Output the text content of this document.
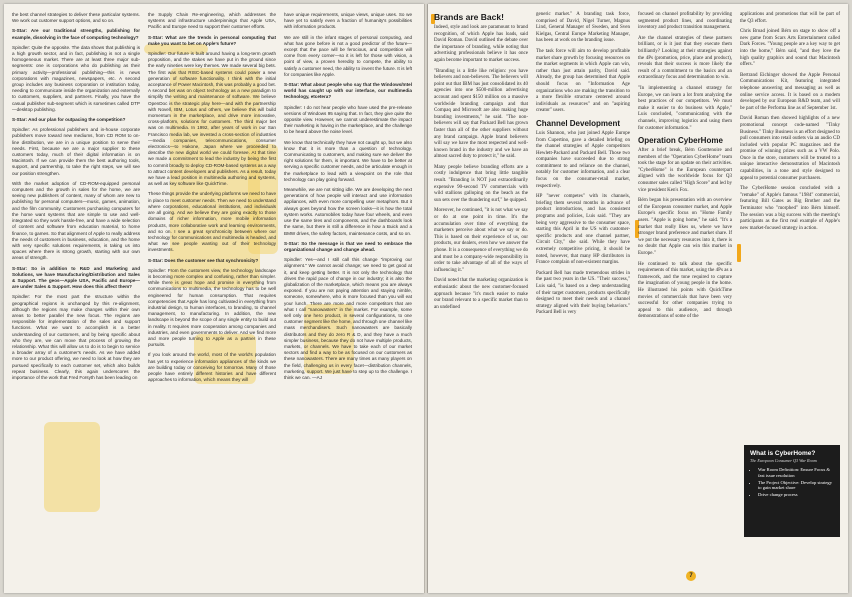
the best channel strategies to deliver these particular systems. We work out customer support options, and so on.

S-Star: Are our traditional strengths, publishing for example, dissolving in the face of computing technology?

Spindler: Quite the opposite. The data shows that publishing is a high growth sector, and in fact, publishing is not a single homogeneous market. There are at least three major sub-segments: one is corporations who do publishing as their primary activity—professional publishing—this is news corporations with magazines, newspapers, etc. A second group includes any business corporation or institution today, needing to communicate inside the organization and externally to customers, suppliers, and partners. Finally, you have the casual publisher sub-segment which is sometimes called DTP—desktop publishing.

S-Star: And our plan for outpacing the competition?

Spindler: As professional publishers and in-house corporate publishers move toward new mediums, from CD ROM to on-line distribution, we are in a unique position to serve their needs. First, because we are a major supplier to these customers today, much of their digital information is on Macintosh. If we can provide them the best authoring tools, support, and partnership, to take the right steps, we will see our position strengthen.

With the market adoption of CD-ROM-equipped personal computers and the growth in sales for the home, we are seeing new publishers of content, many of whom are new to publishing for personal computers—music, games, animation, and the film community. Customers purchasing computers for the home want systems that are simple to use and well-integrated so they work hassle-free, and have a wide selection of content and software from education material, to home finance, to games. So that alignment of Apple to really address the needs of customers in business, education, and the home with very specific solutions requirements, is taking us into spaces where there is strong growth, starting with our own areas of strength.

S-Star: So in addition to R&D and Marketing and Solutions, we have Manufacturing/Distribution and Sales & Support. The geos—Apple USA, Pacific and Europe—are under Sales & Support. How does this affect them?

Spindler: For the most part the structure within the geographical regions is unchanged by this re-alignment, although the regions may make changes within their own areas to better parallel the new focus. The regions are responsible for implementation of the sales and support functions. What we want to accomplish is a better understanding of our customers, and by being specific about who they are, we can move that process of growing the relationship. What this will allow us to do is to begin to service a broader array of a customer's needs. As we have added more to our product offering, we need to look at how they are pursued specifically to each customer set, which also builds repeat business. Clearly, this again underscores the importance of the work that Fred Forsyth has been leading on

the Supply Chain Re-engineering, which addresses the systems and infrastructure underpinnings that Apple USA, Pacific and Europe need to support their customer efforts.

S-Star: What are the trends in personal computing that make you want to bet on Apple's future?

Spindler: Our future is built around having a long-term growth proposition, and the stakes we have put in the ground since the early nineties were key themes. We made several big bets. The first was that RISC-based systems could power a new generation of software functionality. I think with the initial acceptance of Power Macintosh, this was probably a good bet. A second bet was on object technology as a new paradigm to simplify the writing and maintenance of software. We believe OpenDoc is the strategic play here—and with the partnership with Novell, IBM, Lotus and others, we believe this will build momentum in the marketplace, and drive more innovative, cross-platform, solutions for customers. The third major bet was on multimedia. In 1992, after years of work in our San Francisco media lab, we invested a cross-section of industries—media companies, telecommunications, consumer electronics—to Hakone, Japan where we proceeded to describe the new digital world we could foresee. At that time we made a commitment to lead the industry by being the first to commit broadly to deploy CD-ROM-based systems as a way to attract content developers and publishers. As a result, today we have a lead position in multimedia authoring and systems, as well as key software like QuickTime.

These things provide the underlying platforms we need to have in place to meet customer needs. Then we need to understand where corporations, educational institutions, and individuals are all going. And we believe they are going exactly to those domains of richer information, more mobile information products, more collaborative work and learning environments, and so on. I see a great synchronicity between where our technology for communications and multimedia is headed, and what we see people wanting out of their technology investments.

S-Star: Does the customer see that synchronicity?

Spindler: From the customers view, the technology landscape is becoming more complex and confusing, rather than simpler. While there is great hope and promise in everything from communications to multimedia, the technology has to be well engineered for human consumption. That requires competencies that Apple has long cultivated in everything from industrial design, to human interfaces, to branding, to channel management, to manufacturing. In addition, the new landscape is beyond the scope of any single entity to build out in reality. It requires more cooperation among companies and industries, and even governments to deliver. And we find more and more people turning to Apple as a partner in these pursuits.

If you look around the world, most of the world's population has yet to experience information appliances of the kinds we are building today or conceiving for tomorrow. Many of those people have entirely different histories and have different approaches to information, which means they will

have unique requirements, unique views, unique uses. So we have yet to satisfy even a fraction of humanity's possibilities with information products.

We are still in the infant stages of personal computing, and what has gone before is not a good predictor of the future—except that the pace will be ferocious, and competition will come from every corner—so it is left for those with vision, a point of view, a proven heredity to compete, the ability to satisfy a customer need, the ability to invent the future. It is left for companies like Apple.

S-Star: What about people who say that the Windows/Intel world has caught up with our interface, our multimedia technology, etcetera?

Spindler: I do not hear people who have used the pre-release versions of Windows 95 saying that. In fact, they give quite the opposite view. However, we cannot underestimate the impact their marketing is having in the marketplace, and the challenge to be heard above the noise level.

We know that technically they have not caught up, but we also know that it is more than a question of technology. Communicating to customers, and making sure we deliver the right solutions for them, is important. We have to be better at serving a specific customer needs, and be articulate enough in the marketplace to lead with a viewpoint on the role that technology can play going forward.

Meanwhile, we are not sitting idle. We are developing the next generations of how people will interact and use information appliances, with even more compelling user metaphors. But it always goes beyond how the screen looks—it is how the total system works. Automobiles today have four wheels, and even use the same tires and components, and the dashboards look the same, but there is still a difference in how a Buick and a BMW drives, the safety factors, maintenance costs, and so on.

S-Star: So the message is that we need to embrace the organizational change and change ahead.

Spindler: Yes—and I still call this change "improving our alignment." We cannot avoid change; we need to get good at it, and keep getting better. It is not only the technology that drives the rapid pace of change in our industry; it is also the globalization of the marketplace, which means you are always exposed. If you are not paying attention and staying nimble, someone, somewhere, who is more focused than you will eat your lunch. There are more and more competitors that are what I call "nanowasters" in the market. For example, some sell only one hero product, in several configurations, to one customer segment like the home, and through one channel like mass merchandisers. Such nanowasters are basically distributors and they do zero R & D, and they have a much simpler business, because they do not have multiple products, markets, or channels. We have to take each of our market sectors and find a way to be as focused on our customers as these nanowasters. There are many times as many players on the field, challenging us in every facet—distribution channels, marketing, support. We just have to step up to the challenge. I think we can. —AJ

Brands are Back!

Indeed, style and look are paramount to brand recognition, of which Apple has loads, said David Roman. David outlined the debate over the importance of branding, while noting that advertising professionals believe it has once again become important to market success.

"Branding is a little like religion: you have believers and non-believers. The believers will point out that IBM has just consolidated its 40 agencies into one $500-million advertising account and spent $150 million on a massive worldwide branding campaign and that Compaq and Microsoft are also making huge branding investments," he said. "The non-believers will say that Packard Bell has grown faster than all of the other suppliers without any brand campaign. Apple brand believers will say we have the most respected and well-known brand in the industry and we have an almost sacred duty to protect it," he said.

Many people believe branding efforts are a costly indulgence that bring little tangible result. "Branding is NOT just extraordinarily expensive 90-second TV commercials with wild stallions galloping on the beach as the sun sets over the thundering surf," he quipped.

Moreover, he continued, "it is not what we say or do at one point in time. It's the accumulation over time of everything the marketers perceive about what we say or do. This is based on their experience of us, our products, our dealers, even how we answer the phone. It is a consequence of everything we do and must be a company-wide responsibility in order to take advantage of all of the ways of influencing it."

David noted that the marketing organization is enthusiastic about the new customer-focused approach because "it's much easier to make our brand relevant to a specific market than to an undefined

generic market." A branding task force, comprised of David, Nigel Turner, Magnus Lind, General Manager of Sweden, and Sven Kielgas, Central Europe Marketing Manager, has been at work on the branding issue.

The task force will aim to develop profitable market share growth by focusing resources on the market segments in which Apple can win, rather than just attain parity, David said. Already, the group has determined that Apple should focus on "Information Age organizations who are making the transition to a more flexible structure centered around individuals as resources" and on "aspiring creator" users.

Channel Development

Luis Shannon, who just joined Apple Europe from Cupertino, gave a detailed briefing on the channel strategies of Apple competitors Hewlett-Packard and Packard Bell. Those two companies have succeeded due to strong commitment to and reliance on the channel, notably for customer information, and a clear focus on the consumer-retail market, respectively.

HP "never competes" with its channels, briefing them several months in advance of product introductions, and has consistent programs and policies, Luis said. "They are being very aggressive to the consumer space, starting this April in the US with customer-specific products and one channel partner, Circuit City," she said. While they have extremely competitive pricing, it should be noted, however, that many HP distributors in France complain of non-existent margins.

Packard Bell has made tremendous strides in the past two years in the US. "Their success," Luis said, "is based on a deep understanding of their target customers, products specifically designed to meet their needs and a channel strategy aligned with their buying behaviors." Packard Bell is very

focused on channel profitability by providing segmented product lines, and coordinating inventory and product transition management.

Are the channel strategies of these partners brilliant, or is it just that they execute them brilliantly? Looking at their strategies against the 4Ps (promotion, price, place and product), reveals that their success is more likely the result of a commitment to the basics and an extraordinary focus and determination to win.

"In implementing a channel strategy for Europe, we can learn a lot from analyzing the best practices of our competitors. We must make it easier to do business with Apple," Luis concluded, "communicating with the channels, improving logistics and using them for customer information."

Operation CyberHome

After a brief break, Bérn Gouttenoire and members of the "Operation CyberHome" team took the stage for an update on their activities. "CyberHome" is the European counterpart aligned with the worldwide focus for Q3 consumer sales called "High Score" and led by vice president Ken's Fox.

Bérn began his presentation with an overview of the European consumer market, and Apple Europe's specific focus on "Home Family users. "Apple is going home," he said. "It's a market that really likes us, where we have stronger brand preference and market share. If we put the necessary resources into it, there is no doubt that Apple can win this market in Europe."

He continued to talk about the specific requirements of this market, using the 4Ps as a framework, and the tone required to capture the imagination of young people in the home. He illustrated his points with QuickTime movies of commercials that have been very successful for other companies trying to appeal to this audience, and through demonstrations of some of the

applications and promotions that will be part of the Q3 effort.

Chris Broad joined Bérn on stage to show off a new game from Scars Arts Entertainment called Dark Forces. "Young people are a key way to get into the home," Bérn said, "and they love the high quality graphics and sound that Macintosh offers."

Bertrand Eichinger showed the Apple Personal Communications Kit, featuring integrated telephone answering and messaging as well as online service access. It is based on a modem developed by our European R&D team, and will be part of the Performa line as of September 1st.

David Roman then showed highlights of a new promotional concept code-named "Tinky Business." Tinky Business is an effort designed to pull consumers into retail outlets via an audio CD included with popular PC magazines and the promise of winning prizes such as a VW Polo. Once in the store, customers will be treated to a unique interactive demonstration of Macintosh capabilities, in a tone and style designed to appeal to potential consumer purchasers.

The CyberHome session concluded with a "remake" of Apple's famous "1984" commercial, featuring Bill Gates as Big Brother and the Terminator who "morphed" into Bérn himself. The session was a big success with the meeting's participants as the first real example of Apple's new market-focused strategy in action.

What is CyberHome?
The European Consumer Q3 War Room
• War Room Definition: Ensure Focus & fast issue resolution
• The Project Objective: Develop strategy to gain market share
• Drive change process
7
